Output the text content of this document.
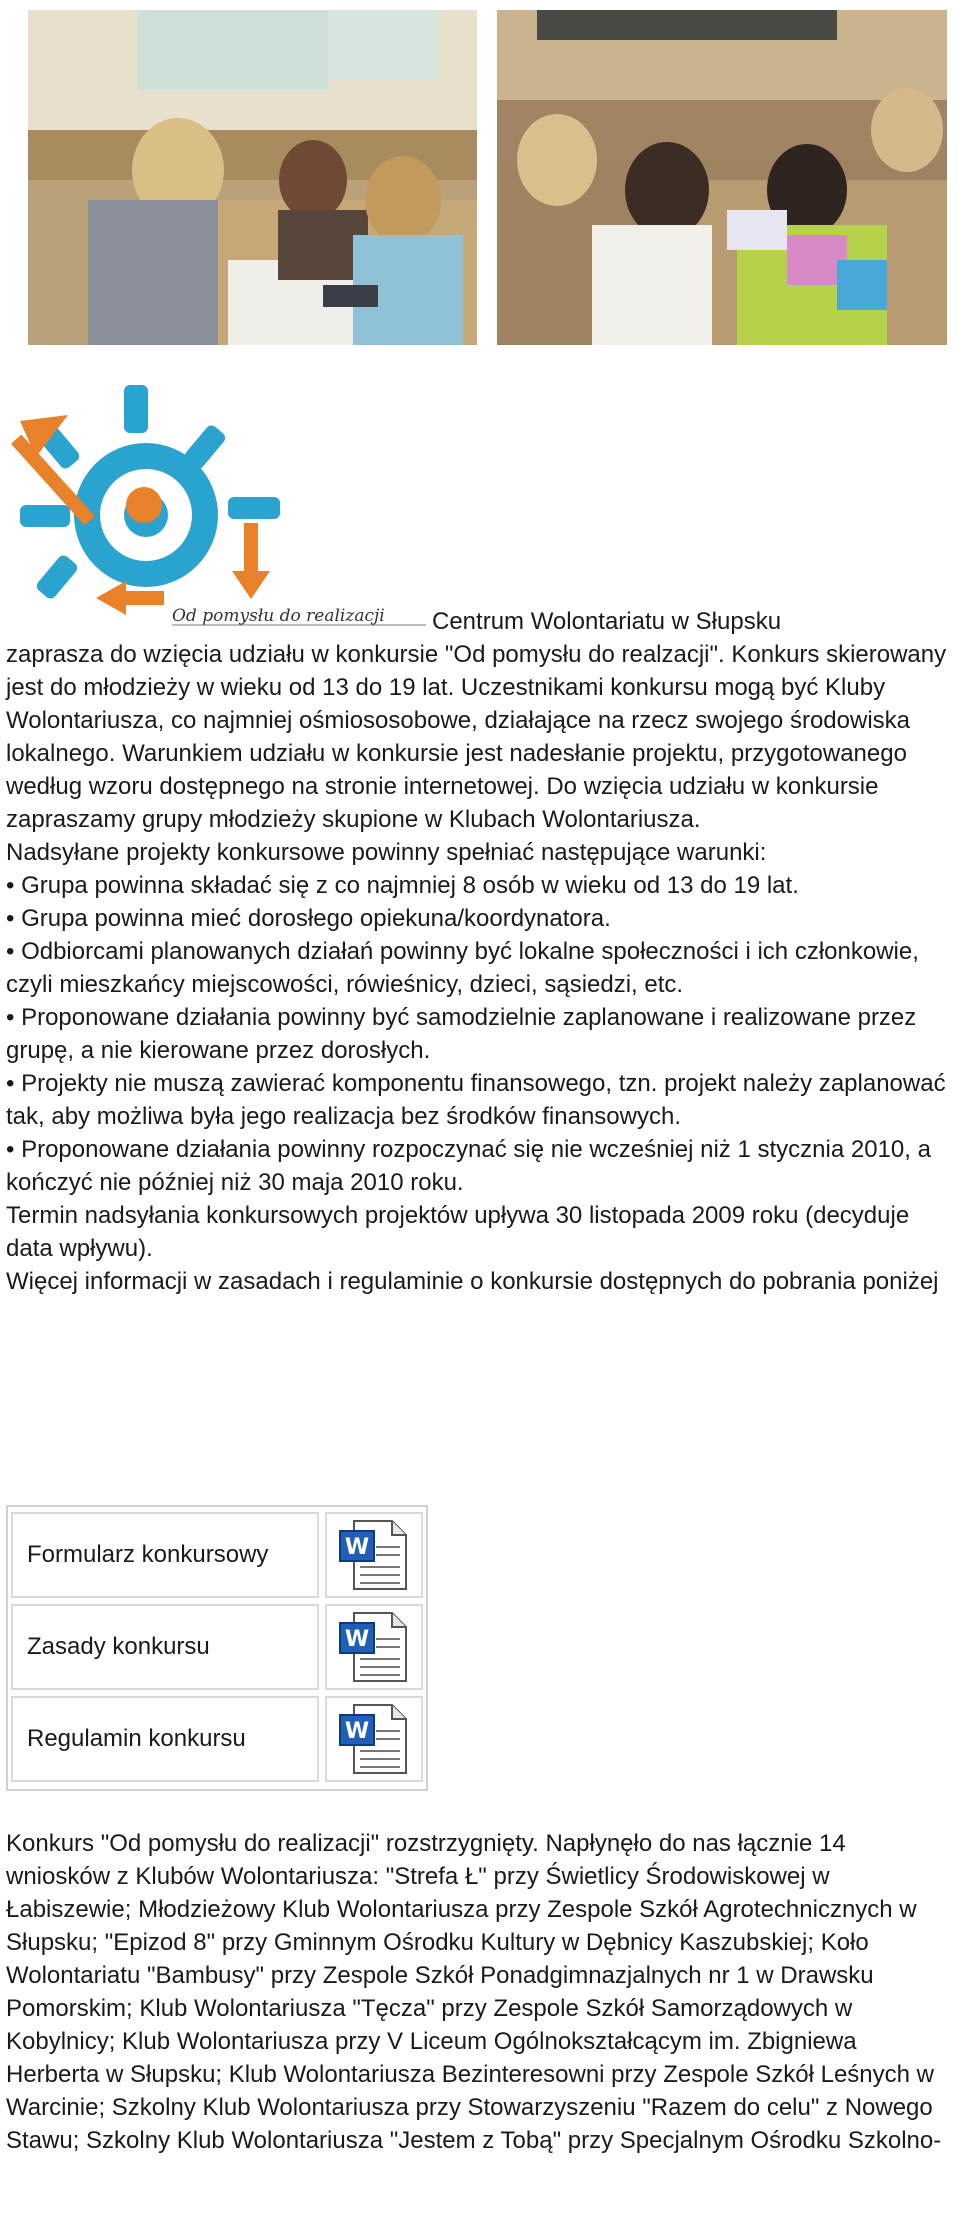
Od pomysłu do realizacji Centrum Wolontariatu w Słupsku

zaprasza do wzięcia udziału w konkursie "Od pomysłu do realzacji". Konkurs skierowany jest do młodzieży w wieku od 13 do 19 lat. Uczestnikami konkursu mogą być Kluby Wolontariusza, co najmniej ośmiososobowe, działające na rzecz swojego środowiska lokalnego. Warunkiem udziału w konkursie jest nadesłanie projektu, przygotowanego według wzoru dostępnego na stronie internetowej. Do wzięcia udziału w konkursie zapraszamy grupy młodzieży skupione w Klubach Wolontariusza.

Nadsyłane projekty konkursowe powinny spełniać następujące warunki:

• Grupa powinna składać się z co najmniej 8 osób w wieku od 13 do 19 lat.

• Grupa powinna mieć dorosłego opiekuna/koordynatora.

• Odbiorcami planowanych działań powinny być lokalne społeczności i ich członkowie, czyli mieszkańcy miejscowości, rówieśnicy, dzieci, sąsiedzi, etc.

• Proponowane działania powinny być samodzielnie zaplanowane i realizowane przez grupę, a nie kierowane przez dorosłych.

• Projekty nie muszą zawierać komponentu finansowego, tzn. projekt należy zaplanować tak, aby możliwa była jego realizacja bez środków finansowych.

• Proponowane działania powinny rozpoczynać się nie wcześniej niż 1 stycznia 2010, a kończyć nie później niż 30 maja 2010 roku.

Termin nadsyłania konkursowych projektów upływa 30 listopada 2009 roku (decyduje data wpływu).

Więcej informacji w zasadach i regulaminie o konkursie dostępnych do pobrania poniżej

Formularz konkursowy	W
Zasady konkursu	W
Regulamin konkursu	W

Konkurs "Od pomysłu do realizacji" rozstrzygnięty. Napłynęło do nas łącznie 14 wniosków z Klubów Wolontariusza: "Strefa Ł" przy Świetlicy Środowiskowej w Łabiszewie; Młodzieżowy Klub Wolontariusza przy Zespole Szkół Agrotechnicznych w Słupsku; "Epizod 8" przy Gminnym Ośrodku Kultury w Dębnicy Kaszubskiej; Koło Wolontariatu "Bambusy" przy Zespole Szkół Ponadgimnazjalnych nr 1 w Drawsku Pomorskim; Klub Wolontariusza "Tęcza" przy Zespole Szkół Samorządowych w Kobylnicy; Klub Wolontariusza przy V Liceum Ogólnokształcącym im. Zbigniewa Herberta w Słupsku; Klub Wolontariusza Bezinteresowni przy Zespole Szkół Leśnych w Warcinie; Szkolny Klub Wolontariusza przy Stowarzyszeniu "Razem do celu" z Nowego Stawu; Szkolny Klub Wolontariusza "Jestem z Tobą" przy Specjalnym Ośrodku Szkolno-
